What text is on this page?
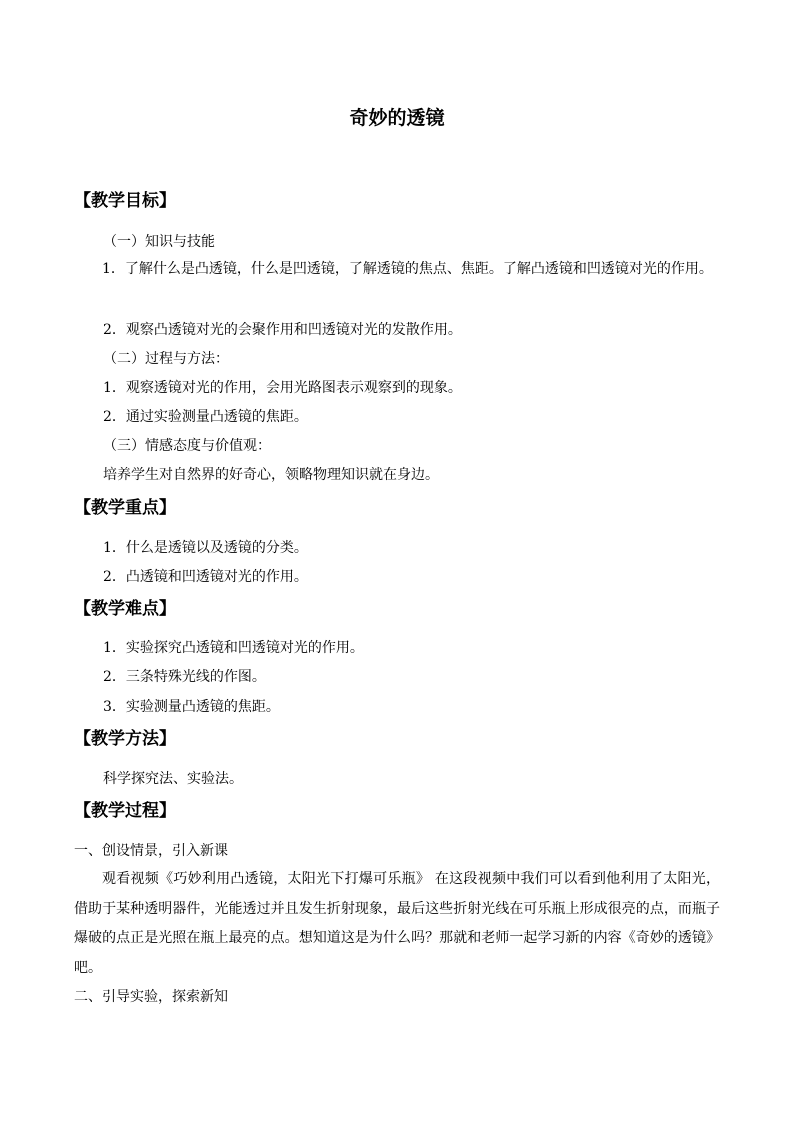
奇妙的透镜
【教学目标】
（一）知识与技能
1．了解什么是凸透镜，什么是凹透镜，了解透镜的焦点、焦距。了解凸透镜和凹透镜对光的作用。
2．观察凸透镜对光的会聚作用和凹透镜对光的发散作用。
（二）过程与方法：
1．观察透镜对光的作用，会用光路图表示观察到的现象。
2．通过实验测量凸透镜的焦距。
（三）情感态度与价值观：
培养学生对自然界的好奇心，领略物理知识就在身边。
【教学重点】
1．什么是透镜以及透镜的分类。
2．凸透镜和凹透镜对光的作用。
【教学难点】
1．实验探究凸透镜和凹透镜对光的作用。
2．三条特殊光线的作图。
3．实验测量凸透镜的焦距。
【教学方法】
科学探究法、实验法。
【教学过程】
一、创设情景，引入新课
观看视频《巧妙利用凸透镜，太阳光下打爆可乐瓶》 在这段视频中我们可以看到他利用了太阳光，借助于某种透明器件，光能透过并且发生折射现象，最后这些折射光线在可乐瓶上形成很亮的点，而瓶子爆破的点正是光照在瓶上最亮的点。想知道这是为什么吗？那就和老师一起学习新的内容《奇妙的透镜》吧。
二、引导实验，探索新知
